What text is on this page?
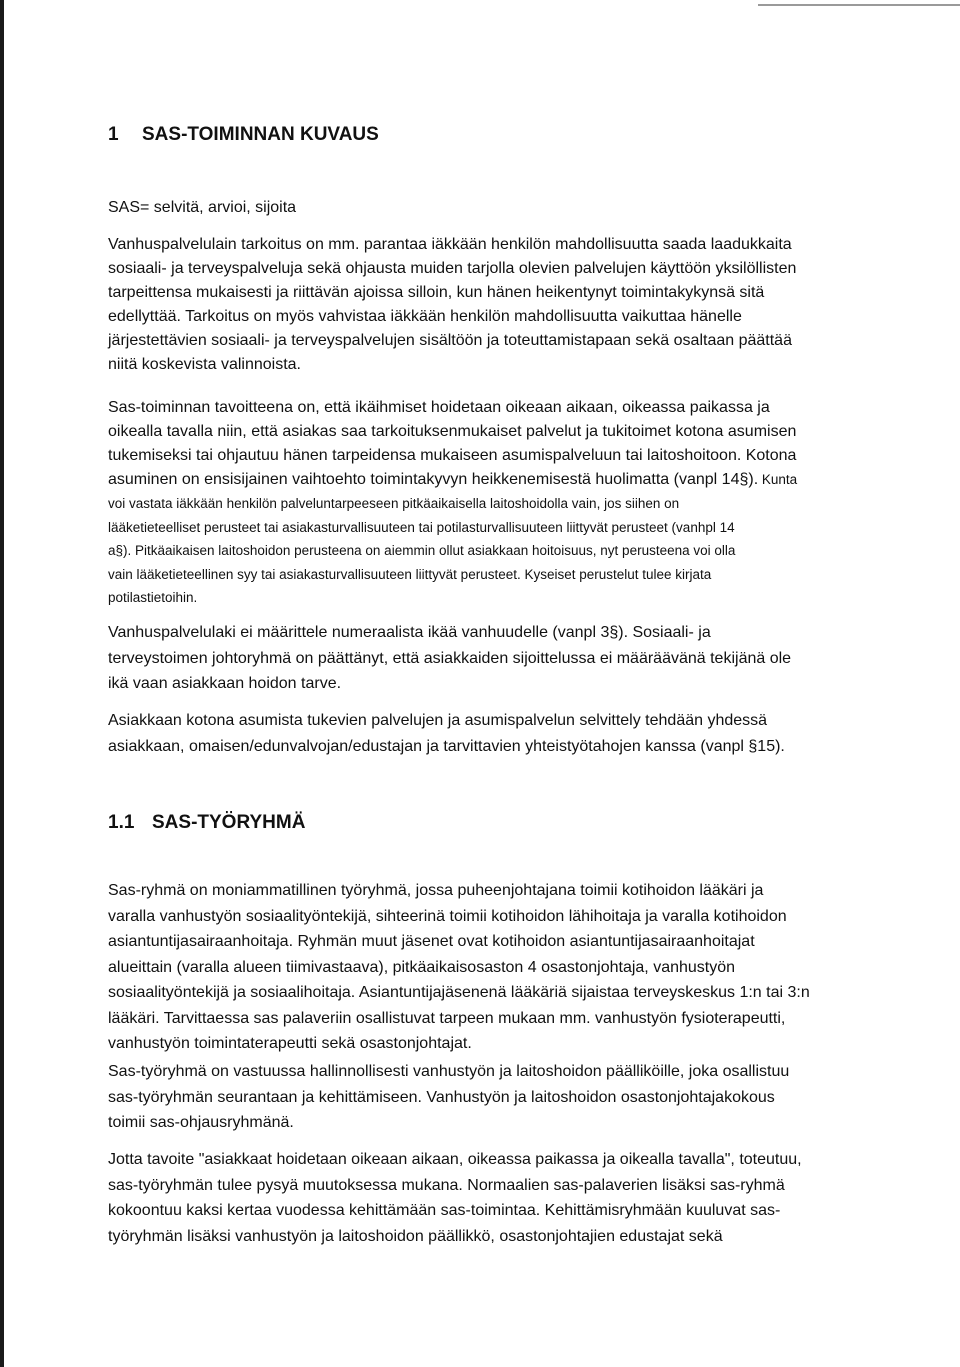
1 SAS-TOIMINNAN KUVAUS
SAS= selvitä, arvioi, sijoita
Vanhuspalvelulain tarkoitus on mm. parantaa iäkkään henkilön mahdollisuutta saada laadukkaita
sosiaali- ja terveyspalveluja sekä ohjausta muiden tarjolla olevien palvelujen käyttöön yksilöllisten
tarpeittensa mukaisesti ja riittävän ajoissa silloin, kun hänen heikentynyt toimintakykynsä sitä
edellyttää. Tarkoitus on myös vahvistaa iäkkään henkilön mahdollisuutta vaikuttaa hänelle
järjestettävien sosiaali- ja terveyspalvelujen sisältöön ja toteuttamistapaan sekä osaltaan päättää
niitä koskevista valinnoista.
Sas-toiminnan tavoitteena on, että ikäihmiset hoidetaan oikeaan aikaan, oikeassa paikassa ja
oikealla tavalla niin, että asiakas saa tarkoituksenmukaiset palvelut ja tukitoimet kotona asumisen
tukemiseksi tai ohjautuu hänen tarpeidensa mukaiseen asumispalveluun tai laitoshoitoon. Kotona
asuminen on ensisijainen vaihtoehto toimintakyvyn heikkenemisestä huolimatta (vanpl 14§). Kunta
voi vastata iäkkään henkilön palveluntarpeeseen pitkäaikaisella laitoshoidolla vain, jos siihen on
lääketieteelliset perusteet tai asiakasturvallisuuteen tai potilasturvallisuuteen liittyvät perusteet (vanhpl 14
a§). Pitkäaikaisen laitoshoidon perusteena on aiemmin ollut asiakkaan hoitoisuus, nyt perusteena voi olla
vain lääketieteellinen syy tai asiakasturvallisuuteen liittyvät perusteet. Kyseiset perustelut tulee kirjata
potilastietoihin.
Vanhuspalvelulaki ei määrittele numeraalista ikää vanhuudelle (vanpl 3§). Sosiaali- ja
terveystoimen johtoryhmä on päättänyt, että asiakkaiden sijoittelussa ei määräävänä tekijänä ole
ikä vaan asiakkaan hoidon tarve.
Asiakkaan kotona asumista tukevien palvelujen ja asumispalvelun selvittely tehdään yhdessä
asiakkaan, omaisen/edunvalvojan/edustajan ja tarvittavien yhteistyötahojen kanssa (vanpl §15).
1.1 SAS-TYÖRYHMÄ
Sas-ryhmä on moniammatillinen työryhmä, jossa puheenjohtajana toimii kotihoidon lääkäri ja
varalla vanhustyön sosiaalityöntekijä, sihteerinä toimii kotihoidon lähihoitaja ja varalla kotihoidon
asiantuntijasairaanhoitaja. Ryhmän muut jäsenet ovat kotihoidon asiantuntijasairaanhoitajat
alueittain (varalla alueen tiimivastaava), pitkäaikaisosaston 4 osastonjohtaja, vanhustyön
sosiaalityöntekijä ja sosiaalihoitaja. Asiantuntijajäsenenä lääkäriä sijaistaa terveyskeskus 1:n tai 3:n
lääkäri. Tarvittaessa sas palaveriin osallistuvat tarpeen mukaan mm. vanhustyön fysioterapeutti,
vanhustyön toimintaterapeutti sekä osastonjohtajat.
Sas-työryhmä on vastuussa hallinnollisesti vanhustyön ja laitoshoidon päälliköille, joka osallistuu
sas-työryhmän seurantaan ja kehittämiseen. Vanhustyön ja laitoshoidon osastonjohtajakokous
toimii sas-ohjausryhmänä.
Jotta tavoite "asiakkaat hoidetaan oikeaan aikaan, oikeassa paikassa ja oikealla tavalla", toteutuu,
sas-työryhmän tulee pysyä muutoksessa mukana. Normaalien sas-palaverien lisäksi sas-ryhmä
kokoontuu kaksi kertaa vuodessa kehittämään sas-toimintaa. Kehittämisryhmään kuuluvat sas-
työryhmän lisäksi vanhustyön ja laitoshoidon päällikkö, osastonjohtajien edustajat sekä
